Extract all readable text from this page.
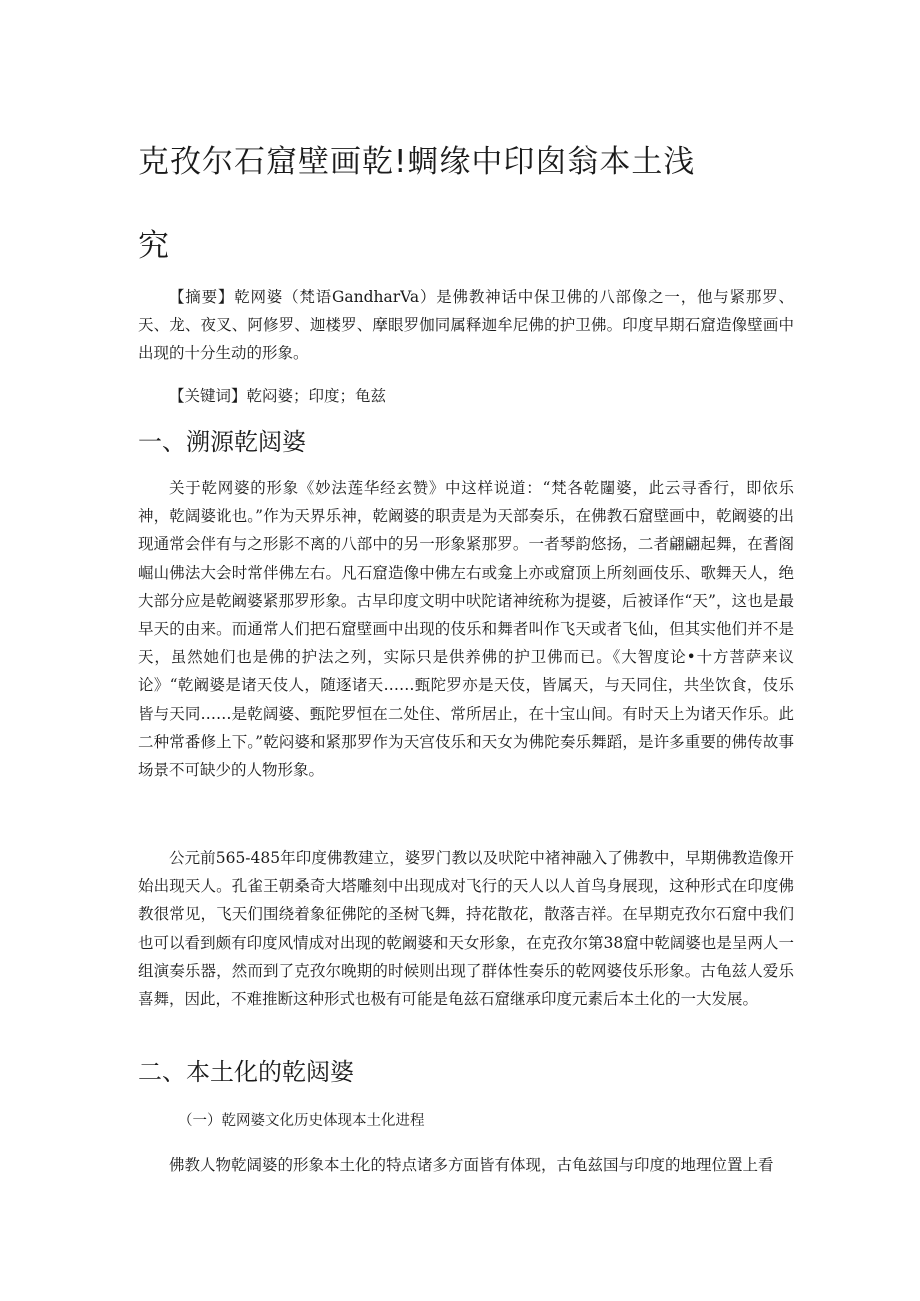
克孜尔石窟壁画乾!蜩缘中印囱翁本土浅
究

【摘要】乾网婆（梵语GandharVa）是佛教神话中保卫佛的八部像之一，他与紧那罗、天、龙、夜叉、阿修罗、迦楼罗、摩眼罗伽同属释迦牟尼佛的护卫佛。印度早期石窟造像壁画中出现的十分生动的形象。

【关键词】乾闷婆；印度；龟兹

一、溯源乾闼婆

关于乾网婆的形象《妙法莲华经玄赞》中这样说道：“梵各乾闥婆，此云寻香行，即依乐神，乾阔婆讹也。”作为天界乐神，乾阚婆的职责是为天部奏乐，在佛教石窟壁画中，乾阚婆的出现通常会伴有与之形影不离的八部中的另一形象紧那罗。一者琴韵悠扬，二者翩翩起舞，在耆阁崛山佛法大会时常伴佛左右。凡石窟造像中佛左右或龛上亦或窟顶上所刻画伎乐、歌舞天人，绝大部分应是乾阚婆紧那罗形象。古早印度文明中吠陀诸神统称为提婆，后被译作“天”，这也是最早天的由来。而通常人们把石窟壁画中出现的伎乐和舞者叫作飞天或者飞仙，但其实他们并不是天，虽然她们也是佛的护法之列，实际只是供养佛的护卫佛而已。《大智度论•十方菩萨来议论》“乾阚婆是诸天伎人，随逐诸天……甄陀罗亦是天伎，皆属天，与天同住，共坐饮食，伎乐皆与天同……是乾阔婆、甄陀罗恒在二处住、常所居止，在十宝山间。有时天上为诸天作乐。此二种常番修上下。”乾闷婆和紧那罗作为天宫伎乐和天女为佛陀奏乐舞蹈，是许多重要的佛传故事场景不可缺少的人物形象。

公元前565-485年印度佛教建立，婆罗门教以及吠陀中褚神融入了佛教中，早期佛教造像开始出现天人。孔雀王朝桑奇大塔雕刻中出现成对飞行的天人以人首鸟身展现，这种形式在印度佛教很常见，飞天们围绕着象征佛陀的圣树飞舞，持花散花，散落吉祥。在早期克孜尔石窟中我们也可以看到颇有印度风情成对出现的乾阚婆和天女形象，在克孜尔第38窟中乾阔婆也是呈两人一组演奏乐器，然而到了克孜尔晚期的时候则出现了群体性奏乐的乾网婆伎乐形象。古龟兹人爱乐喜舞，因此，不难推断这种形式也极有可能是龟兹石窟继承印度元素后本土化的一大发展。

二、本土化的乾闼婆

（一）乾网婆文化历史体现本土化进程

佛教人物乾阔婆的形象本土化的特点诸多方面皆有体现，古龟兹国与印度的地理位置上看
